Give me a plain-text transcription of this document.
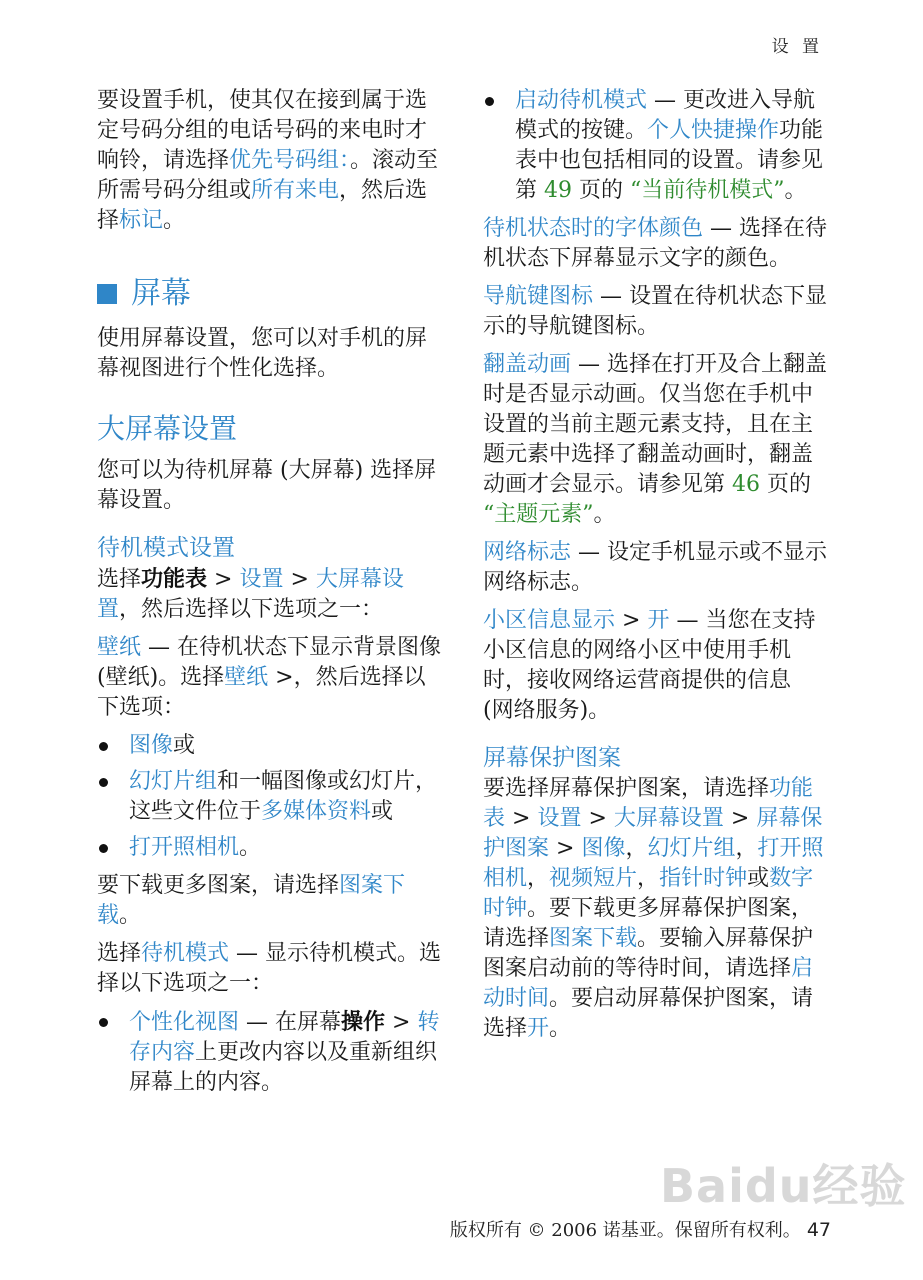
设 置

要设置手机，使其仅在接到属于选定号码分组的电话号码的来电时才响铃，请选择优先号码组：。滚动至所需号码分组或所有来电，然后选择标记。

屏幕

使用屏幕设置，您可以对手机的屏幕视图进行个性化选择。

大屏幕设置

您可以为待机屏幕 (大屏幕) 选择屏幕设置。

待机模式设置

选择功能表 > 设置 > 大屏幕设置，然后选择以下选项之一：

壁纸 — 在待机状态下显示背景图像 (壁纸)。选择壁纸 >，然后选择以下选项：

图像或
幻灯片组和一幅图像或幻灯片，这些文件位于多媒体资料或
打开照相机。

要下载更多图案，请选择图案下载。

选择待机模式 — 显示待机模式。选择以下选项之一：

个性化视图 — 在屏幕操作 > 转存内容上更改内容以及重新组织屏幕上的内容。
启动待机模式 — 更改进入导航模式的按键。个人快捷操作功能表中也包括相同的设置。请参见第 49 页的 “当前待机模式”。

待机状态时的字体颜色 — 选择在待机状态下屏幕显示文字的颜色。

导航键图标 — 设置在待机状态下显示的导航键图标。

翻盖动画 — 选择在打开及合上翻盖时是否显示动画。仅当您在手机中设置的当前主题元素支持，且在主题元素中选择了翻盖动画时，翻盖动画才会显示。请参见第 46 页的 “主题元素”。

网络标志 — 设定手机显示或不显示网络标志。

小区信息显示 > 开 — 当您在支持小区信息的网络小区中使用手机时，接收网络运营商提供的信息 (网络服务)。

屏幕保护图案

要选择屏幕保护图案，请选择功能表 > 设置 > 大屏幕设置 > 屏幕保护图案 > 图像，幻灯片组，打开照相机，视频短片，指针时钟或数字时钟。要下载更多屏幕保护图案，请选择图案下载。要输入屏幕保护图案启动前的等待时间，请选择启动时间。要启动屏幕保护图案，请选择开。

Baidu经验
版权所有 © 2006 诺基亚。保留所有权利。 47
